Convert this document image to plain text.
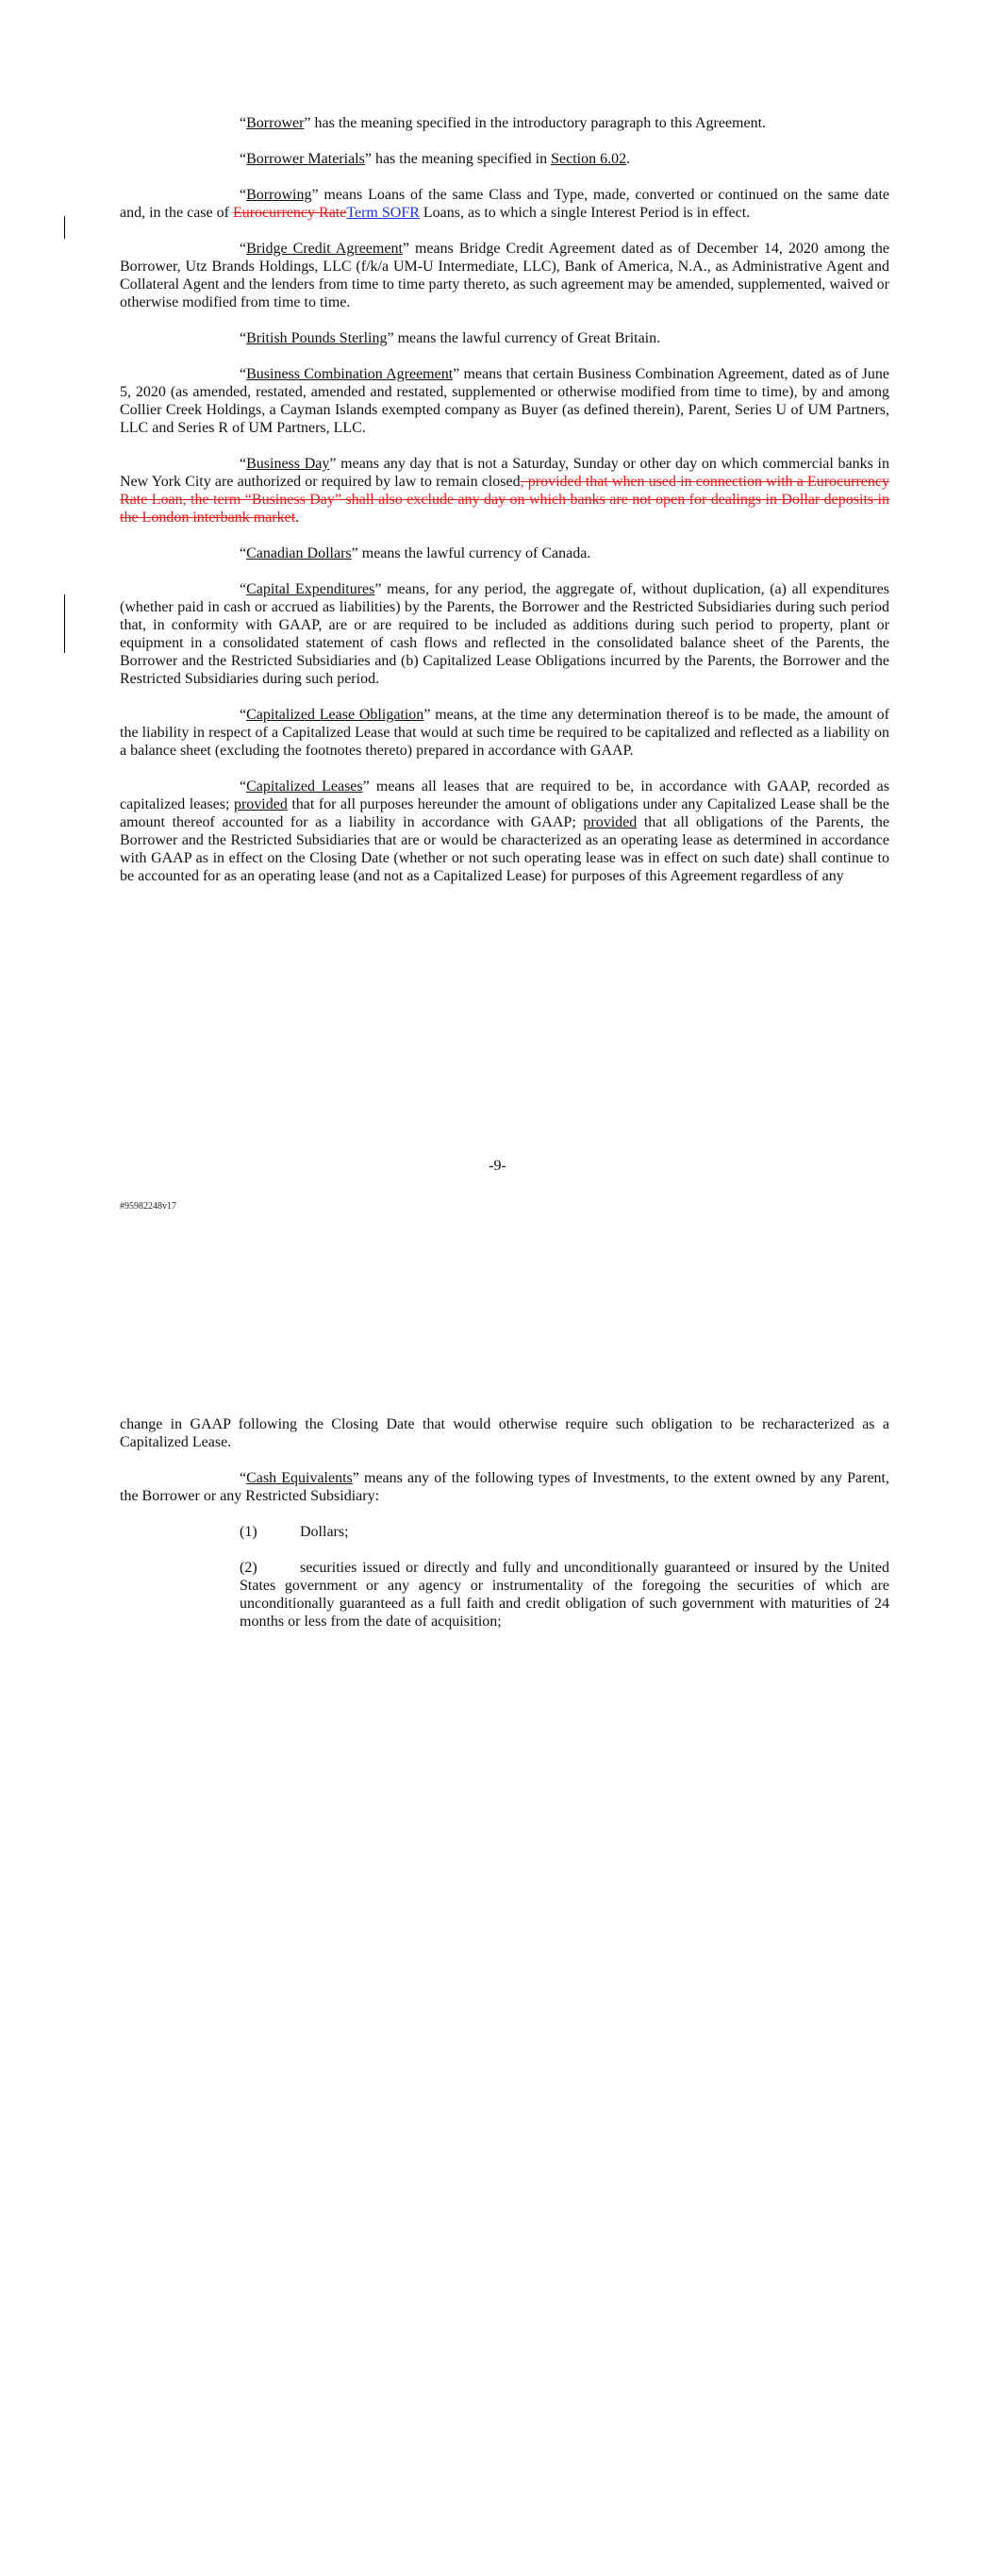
“Borrower” has the meaning specified in the introductory paragraph to this Agreement.

“Borrower Materials” has the meaning specified in Section 6.02.

“Borrowing” means Loans of the same Class and Type, made, converted or continued on the same date and, in the case of Eurocurrency RateTerm SOFR Loans, as to which a single Interest Period is in effect.

“Bridge Credit Agreement” means Bridge Credit Agreement dated as of December 14, 2020 among the Borrower, Utz Brands Holdings, LLC (f/k/a UM-U Intermediate, LLC), Bank of America, N.A., as Administrative Agent and Collateral Agent and the lenders from time to time party thereto, as such agreement may be amended, supplemented, waived or otherwise modified from time to time.

“British Pounds Sterling” means the lawful currency of Great Britain.

“Business Combination Agreement” means that certain Business Combination Agreement, dated as of June 5, 2020 (as amended, restated, amended and restated, supplemented or otherwise modified from time to time), by and among Collier Creek Holdings, a Cayman Islands exempted company as Buyer (as defined therein), Parent, Series U of UM Partners, LLC and Series R of UM Partners, LLC.

“Business Day” means any day that is not a Saturday, Sunday or other day on which commercial banks in New York City are authorized or required by law to remain closed, provided that when used in connection with a Eurocurrency Rate Loan, the term “Business Day” shall also exclude any day on which banks are not open for dealings in Dollar deposits in the London interbank market.

“Canadian Dollars” means the lawful currency of Canada.

“Capital Expenditures” means, for any period, the aggregate of, without duplication, (a) all expenditures (whether paid in cash or accrued as liabilities) by the Parents, the Borrower and the Restricted Subsidiaries during such period that, in conformity with GAAP, are or are required to be included as additions during such period to property, plant or equipment in a consolidated statement of cash flows and reflected in the consolidated balance sheet of the Parents, the Borrower and the Restricted Subsidiaries and (b) Capitalized Lease Obligations incurred by the Parents, the Borrower and the Restricted Subsidiaries during such period.

“Capitalized Lease Obligation” means, at the time any determination thereof is to be made, the amount of the liability in respect of a Capitalized Lease that would at such time be required to be capitalized and reflected as a liability on a balance sheet (excluding the footnotes thereto) prepared in accordance with GAAP.

“Capitalized Leases” means all leases that are required to be, in accordance with GAAP, recorded as capitalized leases; provided that for all purposes hereunder the amount of obligations under any Capitalized Lease shall be the amount thereof accounted for as a liability in accordance with GAAP; provided that all obligations of the Parents, the Borrower and the Restricted Subsidiaries that are or would be characterized as an operating lease as determined in accordance with GAAP as in effect on the Closing Date (whether or not such operating lease was in effect on such date) shall continue to be accounted for as an operating lease (and not as a Capitalized Lease) for purposes of this Agreement regardless of any

-9-
#95982248v17

change in GAAP following the Closing Date that would otherwise require such obligation to be recharacterized as a Capitalized Lease.

“Cash Equivalents” means any of the following types of Investments, to the extent owned by any Parent, the Borrower or any Restricted Subsidiary:

(1)	Dollars;

(2)	securities issued or directly and fully and unconditionally guaranteed or insured by the United States government or any agency or instrumentality of the foregoing the securities of which are unconditionally guaranteed as a full faith and credit obligation of such government with maturities of 24 months or less from the date of acquisition;
